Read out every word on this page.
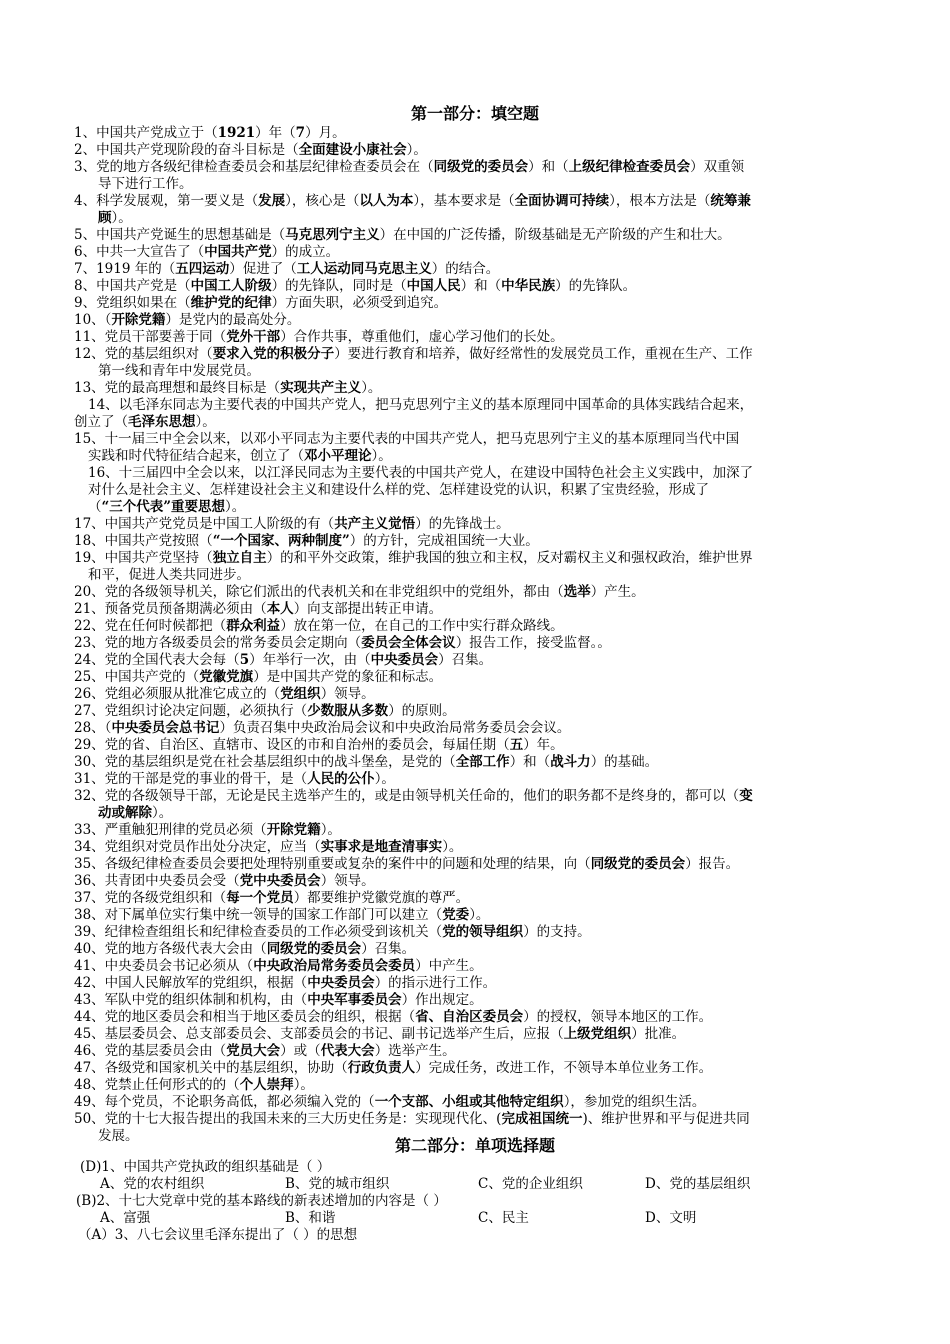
第一部分：填空题
1、中国共产党成立于（1921）年（7）月。
2、中国共产党现阶段的奋斗目标是（全面建设小康社会）。
3、党的地方各级纪律检查委员会和基层纪律检查委员会在（同级党的委员会）和（上级纪律检查委员会）双重领
导下进行工作。
4、科学发展观，第一要义是（发展），核心是（以人为本），基本要求是（全面协调可持续），根本方法是（统筹兼
顾）。
5、中国共产党诞生的思想基础是（马克思列宁主义）在中国的广泛传播，阶级基础是无产阶级的产生和壮大。
6、中共一大宣告了（中国共产党）的成立。
7、1919 年的（五四运动）促进了（工人运动同马克思主义）的结合。
8、中国共产党是（中国工人阶级）的先锋队，同时是（中国人民）和（中华民族）的先锋队。
9、党组织如果在（维护党的纪律）方面失职，必须受到追究。
10、（开除党籍）是党内的最高处分。
11、党员干部要善于同（党外干部）合作共事，尊重他们，虚心学习他们的长处。
12、党的基层组织对（要求入党的积极分子）要进行教育和培养，做好经常性的发展党员工作，重视在生产、工作
第一线和青年中发展党员。
13、党的最高理想和最终目标是（实现共产主义）。
14、以毛泽东同志为主要代表的中国共产党人，把马克思列宁主义的基本原理同中国革命的具体实践结合起来，
创立了（毛泽东思想）。
15、十一届三中全会以来，以邓小平同志为主要代表的中国共产党人，把马克思列宁主义的基本原理同当代中国
实践和时代特征结合起来，创立了（邓小平理论）。
16、十三届四中全会以来，以江泽民同志为主要代表的中国共产党人，在建设中国特色社会主义实践中，加深了
对什么是社会主义、怎样建设社会主义和建设什么样的党、怎样建设党的认识，积累了宝贵经验，形成了
（“三个代表”重要思想）。
17、中国共产党党员是中国工人阶级的有（共产主义觉悟）的先锋战士。
18、中国共产党按照（“一个国家、两种制度”）的方针，完成祖国统一大业。
19、中国共产党坚持（独立自主）的和平外交政策，维护我国的独立和主权，反对霸权主义和强权政治，维护世界
和平，促进人类共同进步。
20、党的各级领导机关，除它们派出的代表机关和在非党组织中的党组外，都由（选举）产生。
21、预备党员预备期满必须由（本人）向支部提出转正申请。
22、党在任何时候都把（群众利益）放在第一位，在自己的工作中实行群众路线。
23、党的地方各级委员会的常务委员会定期向（委员会全体会议）报告工作，接受监督。。
24、党的全国代表大会每（5）年举行一次，由（中央委员会）召集。
25、中国共产党的（党徽党旗）是中国共产党的象征和标志。
26、党组必须服从批准它成立的（党组织）领导。
27、党组织讨论决定问题，必须执行（少数服从多数）的原则。
28、（中央委员会总书记）负责召集中央政治局会议和中央政治局常务委员会会议。
29、党的省、自治区、直辖市、设区的市和自治州的委员会，每届任期（五）年。
30、党的基层组织是党在社会基层组织中的战斗堡垒，是党的（全部工作）和（战斗力）的基础。
31、党的干部是党的事业的骨干，是（人民的公仆）。
32、党的各级领导干部，无论是民主选举产生的，或是由领导机关任命的，他们的职务都不是终身的，都可以（变
动或解除）。
33、严重触犯刑律的党员必须（开除党籍）。
34、党组织对党员作出处分决定，应当（实事求是地查清事实）。
35、各级纪律检查委员会要把处理特别重要或复杂的案件中的问题和处理的结果，向（同级党的委员会）报告。
36、共青团中央委员会受（党中央委员会）领导。
37、党的各级党组织和（每一个党员）都要维护党徽党旗的尊严。
38、对下属单位实行集中统一领导的国家工作部门可以建立（党委）。
39、纪律检查组组长和纪律检查委员的工作必须受到该机关（党的领导组织）的支持。
40、党的地方各级代表大会由（同级党的委员会）召集。
41、中央委员会书记必须从（中央政治局常务委员会委员）中产生。
42、中国人民解放军的党组织，根据（中央委员会）的指示进行工作。
43、军队中党的组织体制和机构，由（中央军事委员会）作出规定。
44、党的地区委员会和相当于地区委员会的组织，根据（省、自治区委员会）的授权，领导本地区的工作。
45、基层委员会、总支部委员会、支部委员会的书记、副书记选举产生后，应报（上级党组织）批准。
46、党的基层委员会由（党员大会）或（代表大会）选举产生。
47、各级党和国家机关中的基层组织，协助（行政负责人）完成任务，改进工作，不领导本单位业务工作。
48、党禁止任何形式的的（个人崇拜）。
49、每个党员，不论职务高低，都必须编入党的（一个支部、小组或其他特定组织），参加党的组织生活。
50、党的十七大报告提出的我国未来的三大历史任务是：实现现代化、(完成祖国统一)、维护世界和平与促进共同
发展。	第二部分：单项选择题
(D)1、中国共产党执政的组织基础是（ ）
A、党的农村组织	B、党的城市组织	C、党的企业组织	D、党的基层组织
(B)2、十七大党章中党的基本路线的新表述增加的内容是（ ）
A、富强	B、和谐	C、民主	D、文明
（A）3、八七会议里毛泽东提出了（ ）的思想
